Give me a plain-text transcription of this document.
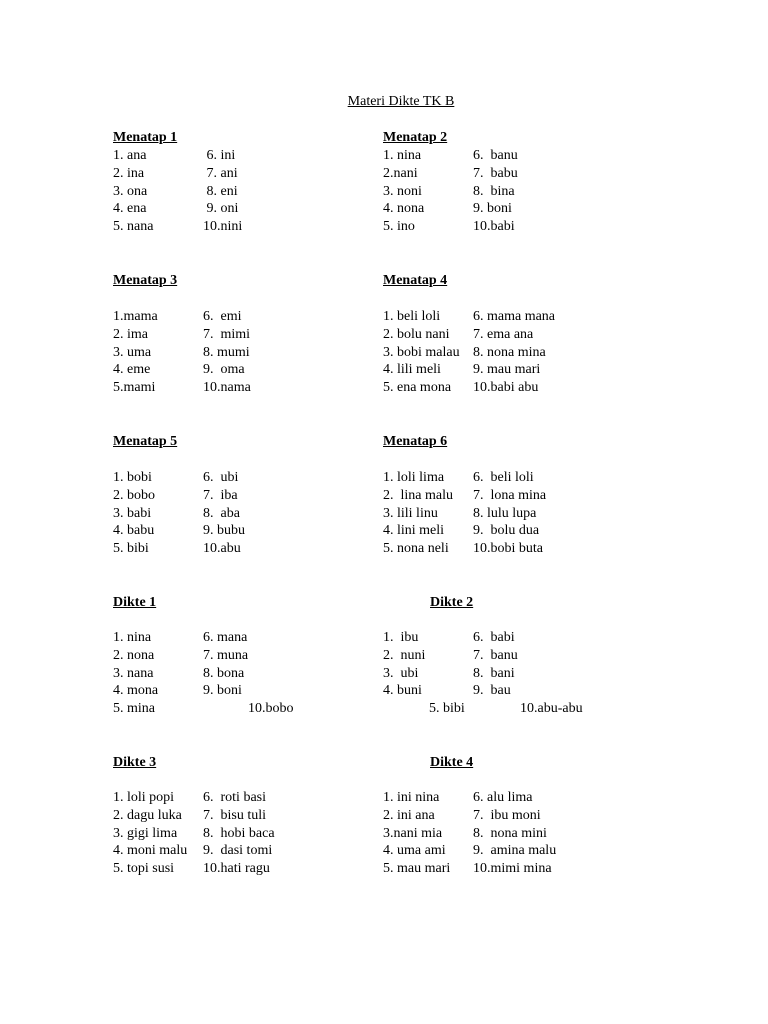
Materi Dikte TK B
Menatap 1
1. ana	6. ini
2. ina	7. ani
3. ona	8. eni
4. ena	9. oni
5. nana	10.nini
Menatap 2
1. nina	6.  banu
2.nani	7.  babu
3. noni	8.  bina
4. nona	9. boni
5. ino	10.babi
Menatap 3
1.mama	6.  emi
2. ima	7.  mimi
3. uma	8. mumi
4. eme	9.  oma
5.mami	10.nama
Menatap 4
1. beli loli 6. mama mana
2. bolu nani 7. ema ana
3. bobi malau 8. nona mina
4. lili meli 9. mau mari
5. ena mona 10.babi abu
Menatap 5
1. bobi	6.  ubi
2. bobo	7.  iba
3. babi	8.  aba
4. babu	9. bubu
5. bibi	10.abu
Menatap 6
1. loli lima 6.  beli loli
2.  lina malu 7.  lona mina
3. lili linu	8. lulu lupa
4. lini meli 9.  bolu dua
5. nona neli 10.bobi buta
Dikte 1
1. nina	6. mana
2. nona	7. muna
3. nana	8. bona
4. mona	9. boni
5. mina	10.bobo
Dikte 2
1.  ibu	6.  babi
2.  nuni	7.  banu
3.  ubi	8.  bani
4. buni	9.  bau
5. bibi	10.abu-abu
Dikte 3
1. loli popi 6.  roti basi
2. dagu luka 7.  bisu tuli
3. gigi lima 8.  hobi baca
4. moni malu 9.  dasi tomi
5. topi susi 10.hati ragu
Dikte 4
1. ini nina 6. alu lima
2. ini ana	7.  ibu moni
3.nani mia 8.  nona mini
4. uma ami 9.  amina malu
5. mau mari 10.mimi mina
